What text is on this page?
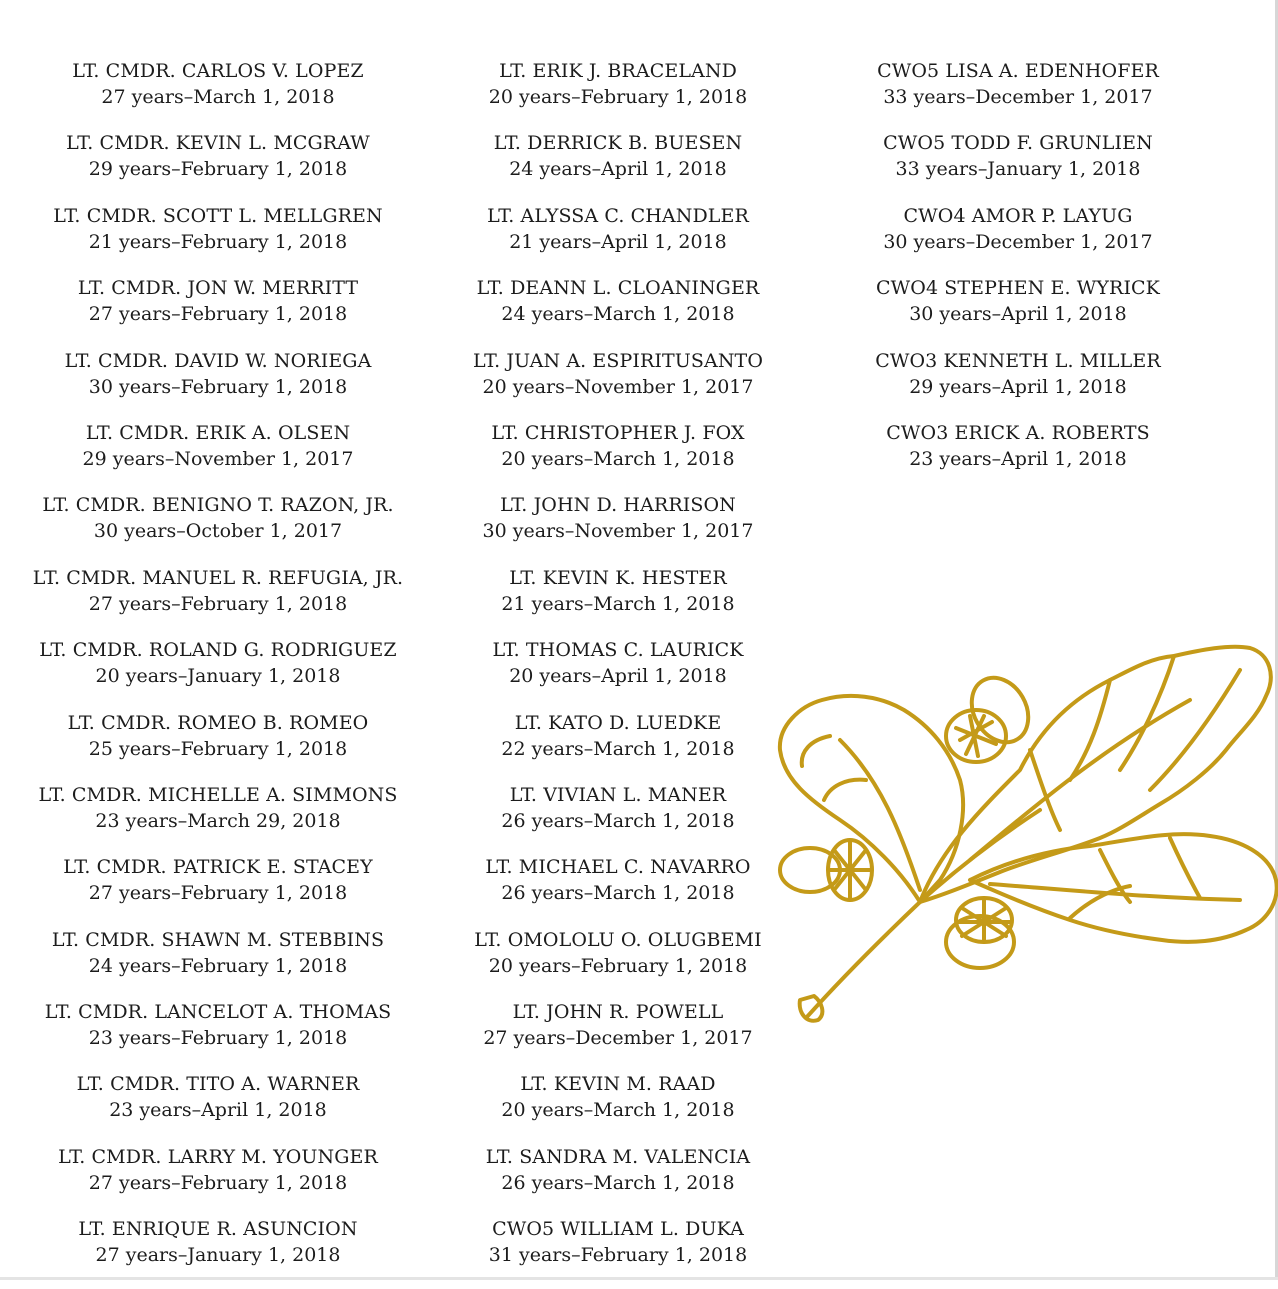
LT. CMDR. CARLOS V. LOPEZ
27 years–March 1, 2018
LT. CMDR. KEVIN L. MCGRAW
29 years–February 1, 2018
LT. CMDR. SCOTT L. MELLGREN
21 years–February 1, 2018
LT. CMDR. JON W. MERRITT
27 years–February 1, 2018
LT. CMDR. DAVID W. NORIEGA
30 years–February 1, 2018
LT. CMDR. ERIK A. OLSEN
29 years–November 1, 2017
LT. CMDR. BENIGNO T. RAZON, JR.
30 years–October 1, 2017
LT. CMDR. MANUEL R. REFUGIA, JR.
27 years–February 1, 2018
LT. CMDR. ROLAND G. RODRIGUEZ
20 years–January 1, 2018
LT. CMDR. ROMEO B. ROMEO
25 years–February 1, 2018
LT. CMDR. MICHELLE A. SIMMONS
23 years–March 29, 2018
LT. CMDR. PATRICK E. STACEY
27 years–February 1, 2018
LT. CMDR. SHAWN M. STEBBINS
24 years–February 1, 2018
LT. CMDR. LANCELOT A. THOMAS
23 years–February 1, 2018
LT. CMDR. TITO A. WARNER
23 years–April 1, 2018
LT. CMDR. LARRY M. YOUNGER
27 years–February 1, 2018
LT. ENRIQUE R. ASUNCION
27 years–January 1, 2018
LT. ERIK J. BRACELAND
20 years–February 1, 2018
LT. DERRICK B. BUESEN
24 years–April 1, 2018
LT. ALYSSA C. CHANDLER
21 years–April 1, 2018
LT. DEANN L. CLOANINGER
24 years–March 1, 2018
LT. JUAN A. ESPIRITUSANTO
20 years–November 1, 2017
LT. CHRISTOPHER J. FOX
20 years–March 1, 2018
LT. JOHN D. HARRISON
30 years–November 1, 2017
LT. KEVIN K. HESTER
21 years–March 1, 2018
LT. THOMAS C. LAURICK
20 years–April 1, 2018
LT. KATO D. LUEDKE
22 years–March 1, 2018
LT. VIVIAN L. MANER
26 years–March 1, 2018
LT. MICHAEL C. NAVARRO
26 years–March 1, 2018
LT. OMOLOLU O. OLUGBEMI
20 years–February 1, 2018
LT. JOHN R. POWELL
27 years–December 1, 2017
LT. KEVIN M. RAAD
20 years–March 1, 2018
LT. SANDRA M. VALENCIA
26 years–March 1, 2018
CWO5 WILLIAM L. DUKA
31 years–February 1, 2018
CWO5 LISA A. EDENHOFER
33 years–December 1, 2017
CWO5 TODD F. GRUNLIEN
33 years–January 1, 2018
CWO4 AMOR P. LAYUG
30 years–December 1, 2017
CWO4 STEPHEN E. WYRICK
30 years–April 1, 2018
CWO3 KENNETH L. MILLER
29 years–April 1, 2018
CWO3 ERICK A. ROBERTS
23 years–April 1, 2018
